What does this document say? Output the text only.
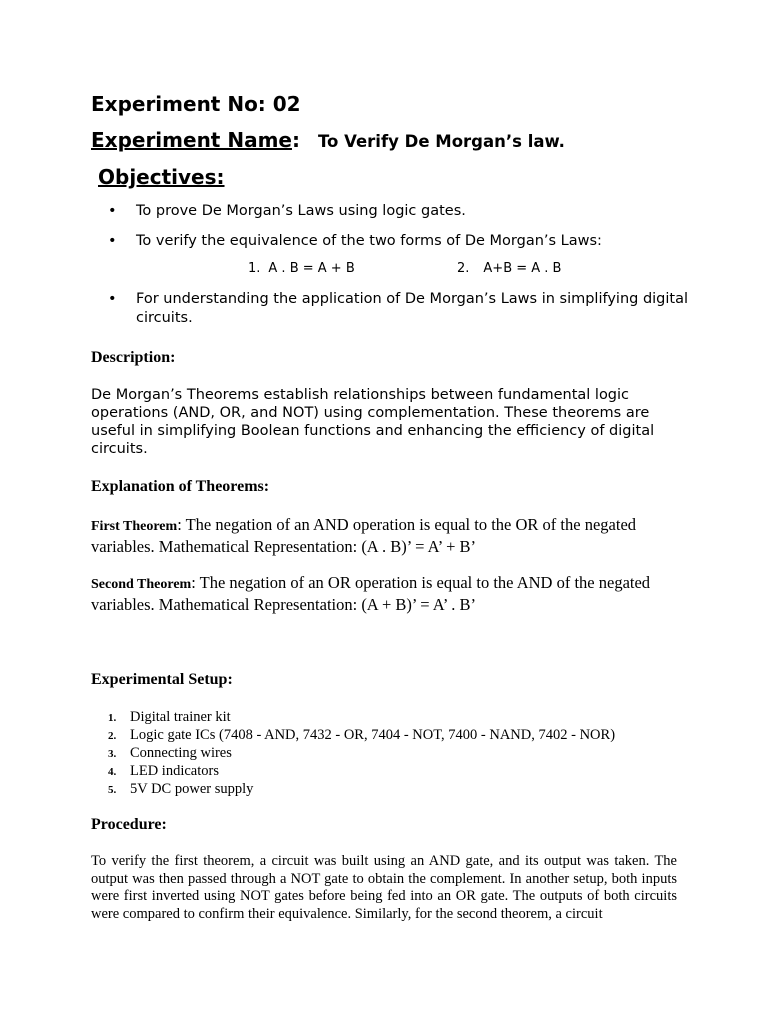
Experiment No: 02
Experiment Name: To Verify De Morgan’s law.
Objectives:
• To prove De Morgan’s Laws using logic gates.
• To verify the equivalence of the two forms of De Morgan’s Laws:
1. A . B = A + B	2. A+B = A . B
• For understanding the application of De Morgan’s Laws in simplifying digital circuits.
Description:
De Morgan’s Theorems establish relationships between fundamental logic operations (AND, OR, and NOT) using complementation. These theorems are useful in simplifying Boolean functions and enhancing the efficiency of digital circuits.
Explanation of Theorems:
First Theorem: The negation of an AND operation is equal to the OR of the negated variables. Mathematical Representation: (A . B)’ = A’ + B’
Second Theorem: The negation of an OR operation is equal to the AND of the negated variables. Mathematical Representation: (A + B)’ = A’ . B’
Experimental Setup:
1. Digital trainer kit
2. Logic gate ICs (7408 - AND, 7432 - OR, 7404 - NOT, 7400 - NAND, 7402 - NOR)
3. Connecting wires
4. LED indicators
5. 5V DC power supply
Procedure:
To verify the first theorem, a circuit was built using an AND gate, and its output was taken. The output was then passed through a NOT gate to obtain the complement. In another setup, both inputs were first inverted using NOT gates before being fed into an OR gate. The outputs of both circuits were compared to confirm their equivalence. Similarly, for the second theorem, a circuit
